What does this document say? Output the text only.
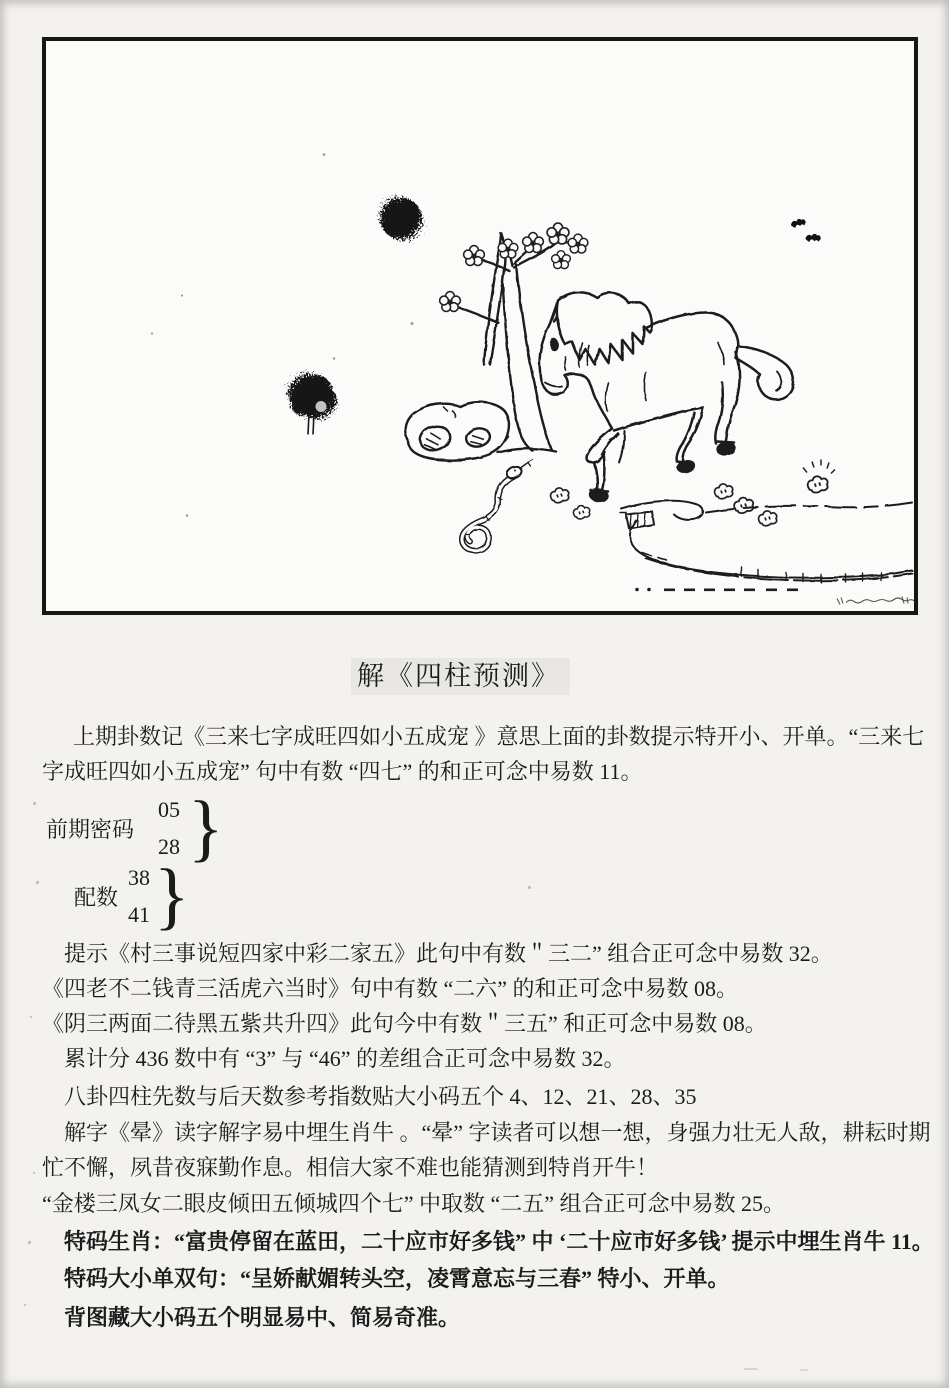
解《四柱预测》
上期卦数记《三来七字成旺四如小五成宠 》意思上面的卦数提示特开小、开单。“三来七字成旺四如小五成宠” 句中有数 “四七” 的和正可念中易数 11。
前期密码
05
28 }
配数
38
41 }
提示《村三事说短四家中彩二家五》此句中有数＂三二” 组合正可念中易数 32。
《四老不二钱青三活虎六当时》句中有数 “二六” 的和正可念中易数 08。
《阴三两面二待黑五紫共升四》此句今中有数＂三五” 和正可念中易数 08。
累计分 436 数中有 “3” 与 “46” 的差组合正可念中易数 32。
八卦四柱先数与后天数参考指数贴大小码五个 4、12、21、28、35
解字《晕》读字解字易中埋生肖牛 。“晕” 字读者可以想一想，身强力壮无人敌，耕耘时期忙不懈，夙昔夜寐勤作息。相信大家不难也能猜测到特肖开牛！
“金楼三凤女二眼皮倾田五倾城四个七” 中取数 “二五” 组合正可念中易数 25。
特码生肖：“富贵停留在蓝田，二十应市好多钱” 中 ‘二十应市好多钱’ 提示中埋生肖牛 11。
特码大小单双句：“呈娇献媚转头空，凌霄意忘与三春” 特小、开单。
背图藏大小码五个明显易中、简易奇准。
